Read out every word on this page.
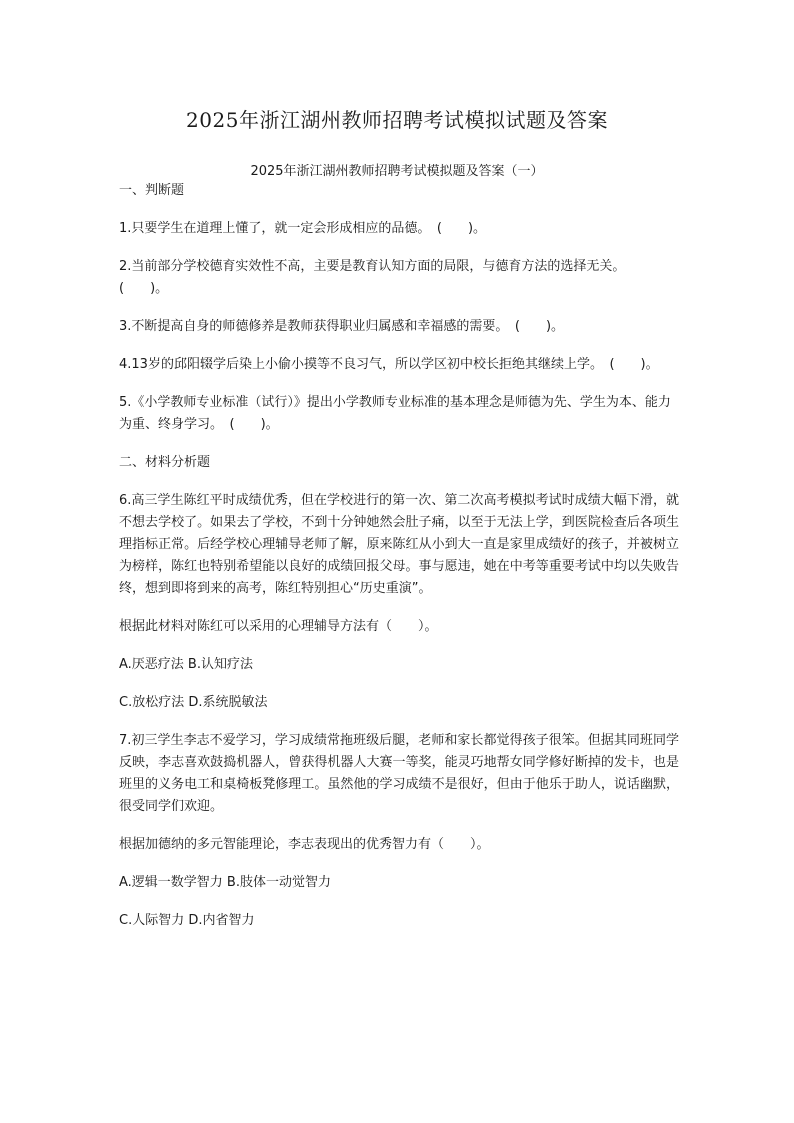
2025年浙江湖州教师招聘考试模拟试题及答案
2025年浙江湖州教师招聘考试模拟题及答案（一）
一、判断题

1.只要学生在道理上懂了，就一定会形成相应的品德。　(　　)。

2.当前部分学校德育实效性不高，主要是教育认知方面的局限，与德育方法的选择无关。　(　　)。

3.不断提高自身的师德修养是教师获得职业归属感和幸福感的需要。　(　　)。

4.13岁的邱阳辍学后染上小偷小摸等不良习气，所以学区初中校长拒绝其继续上学。　(　　)。

5.《小学教师专业标准（试行）》提出小学教师专业标准的基本理念是师德为先、学生为本、能力为重、终身学习。　(　　)。

二、材料分析题

6.高三学生陈红平时成绩优秀，但在学校进行的第一次、第二次高考模拟考试时成绩大幅下滑，就不想去学校了。如果去了学校，不到十分钟她然会肚子痛，以至于无法上学，到医院检查后各项生理指标正常。后经学校心理辅导老师了解，原来陈红从小到大一直是家里成绩好的孩子，并被树立为榜样，陈红也特别希望能以良好的成绩回报父母。事与愿违，她在中考等重要考试中均以失败告终，想到即将到来的高考，陈红特别担心“历史重演”。

根据此材料对陈红可以采用的心理辅导方法有（　　）。

A.厌恶疗法 B.认知疗法

C.放松疗法 D.系统脱敏法

7.初三学生李志不爱学习，学习成绩常拖班级后腿，老师和家长都觉得孩子很笨。但据其同班同学反映，李志喜欢鼓捣机器人，曾获得机器人大赛一等奖，能灵巧地帮女同学修好断掉的发卡，也是班里的义务电工和桌椅板凳修理工。虽然他的学习成绩不是很好，但由于他乐于助人，说话幽默，很受同学们欢迎。

根据加德纳的多元智能理论，李志表现出的优秀智力有（　　）。

A.逻辑一数学智力 B.肢体一动觉智力

C.人际智力 D.内省智力
